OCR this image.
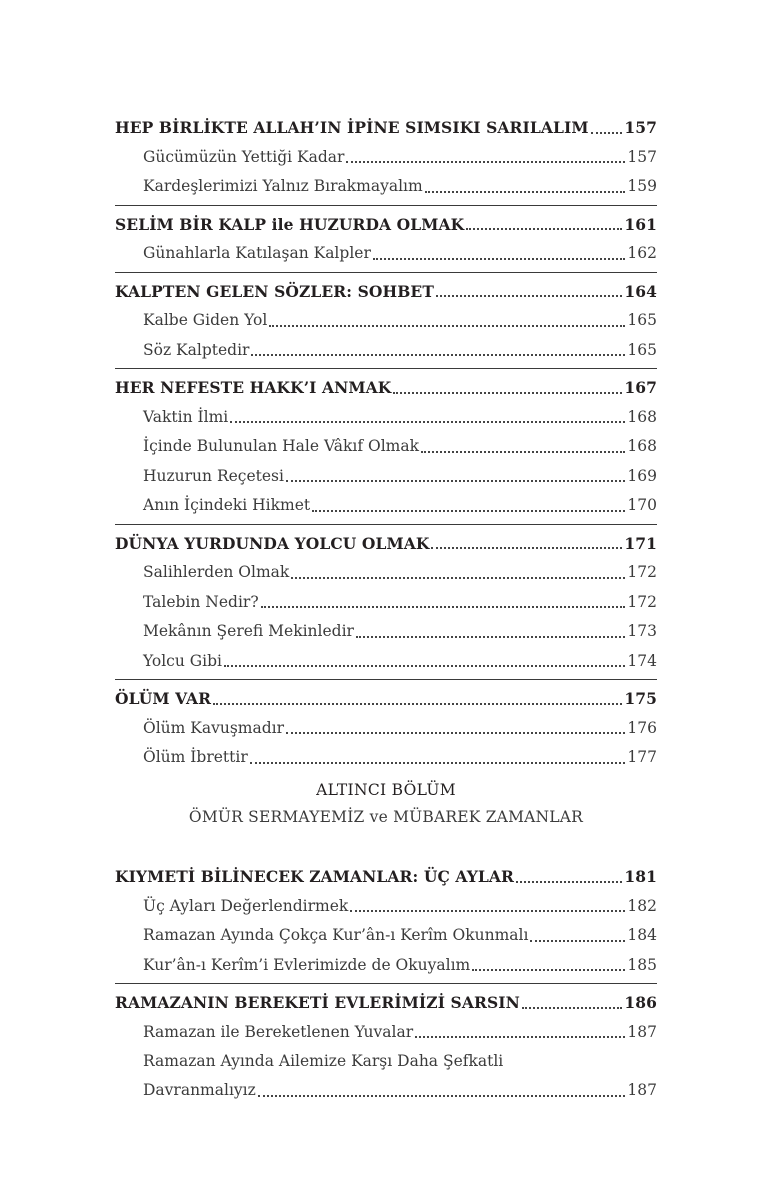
HEP BİRLİKTE ALLAH’IN İPİNE SIMSIKI SARILALIM 157
Gücümüzün Yettiği Kadar	157
Kardeşlerimizi Yalnız Bırakmayalım	159
SELİM BİR KALP ile HUZURDA OLMAK	161
Günahlarla Katılaşan Kalpler	162
KALPTEN GELEN SÖZLER: SOHBET	164
Kalbe Giden Yol	165
Söz Kalptedir	165
HER NEFESTE HAKK’I ANMAK	167
Vaktin İlmi	168
İçinde Bulunulan Hale Vâkıf Olmak	168
Huzurun Reçetesi	169
Anın İçindeki Hikmet	170
DÜNYA YURDUNDA YOLCU OLMAK	171
Salihlerden Olmak	172
Talebin Nedir?	172
Mekânın Şerefi Mekinledir	173
Yolcu Gibi	174
ÖLÜM VAR	175
Ölüm Kavuşmadır	176
Ölüm İbrettir	177
ALTINCI BÖLÜM
ÖMÜR SERMAYEMİZ ve MÜBAREK ZAMANLAR
KIYMETİ BİLİNECEK ZAMANLAR: ÜÇ AYLAR	181
Üç Ayları Değerlendirmek	182
Ramazan Ayında Çokça Kur’ân-ı Kerîm Okunmalı	184
Kur’ân-ı Kerîm’i Evlerimizde de Okuyalım	185
RAMAZANIN BEREKETİ EVLERİMİZİ SARSIN	186
Ramazan ile Bereketlenen Yuvalar	187
Ramazan Ayında Ailemize Karşı Daha Şefkatli
Davranmalıyız	187
